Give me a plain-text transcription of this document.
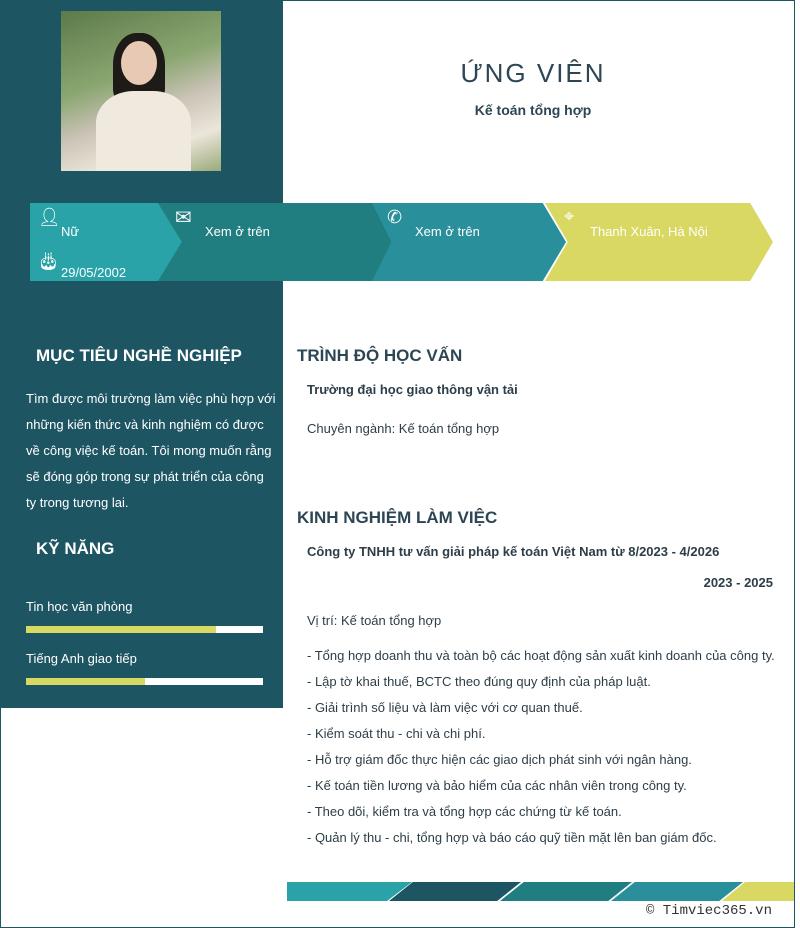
MỤC TIÊU NGHỀ NGHIỆP
Tìm được môi trường làm việc phù hợp với
những kiến thức và kinh nghiệm có được
về công việc kế toán. Tôi mong muốn rằng
sẽ đóng góp trong sự phát triển của công
ty trong tương lai.
KỸ NĂNG
Tin học văn phòng
Tiếng Anh giao tiếp
ỨNG VIÊN
Kế toán tổng hợp
👤︎
Nữ
🎂︎
29/05/2002
✉
Xem ở trên
✆
Xem ở trên
⌖
Thanh Xuân, Hà Nội
TRÌNH ĐỘ HỌC VẤN
Trường đại học giao thông vận tải
Chuyên ngành: Kế toán tổng hợp
KINH NGHIỆM LÀM VIỆC
Công ty TNHH tư vấn giải pháp kế toán Việt Nam từ 8/2023 - 4/2026
2023 - 2025
Vị trí: Kế toán tổng hợp
- Tổng hợp doanh thu và toàn bộ các hoạt động sản xuất kinh doanh của công ty.
- Lập tờ khai thuế, BCTC theo đúng quy định của pháp luật.
- Giải trình số liệu và làm việc với cơ quan thuế.
- Kiểm soát thu - chi và chi phí.
- Hỗ trợ giám đốc thực hiện các giao dịch phát sinh với ngân hàng.
- Kế toán tiền lương và bảo hiểm của các nhân viên trong công ty.
- Theo dõi, kiểm tra và tổng hợp các chứng từ kế toán.
- Quản lý thu - chi, tổng hợp và báo cáo quỹ tiền mặt lên ban giám đốc.
© Timviec365.vn
